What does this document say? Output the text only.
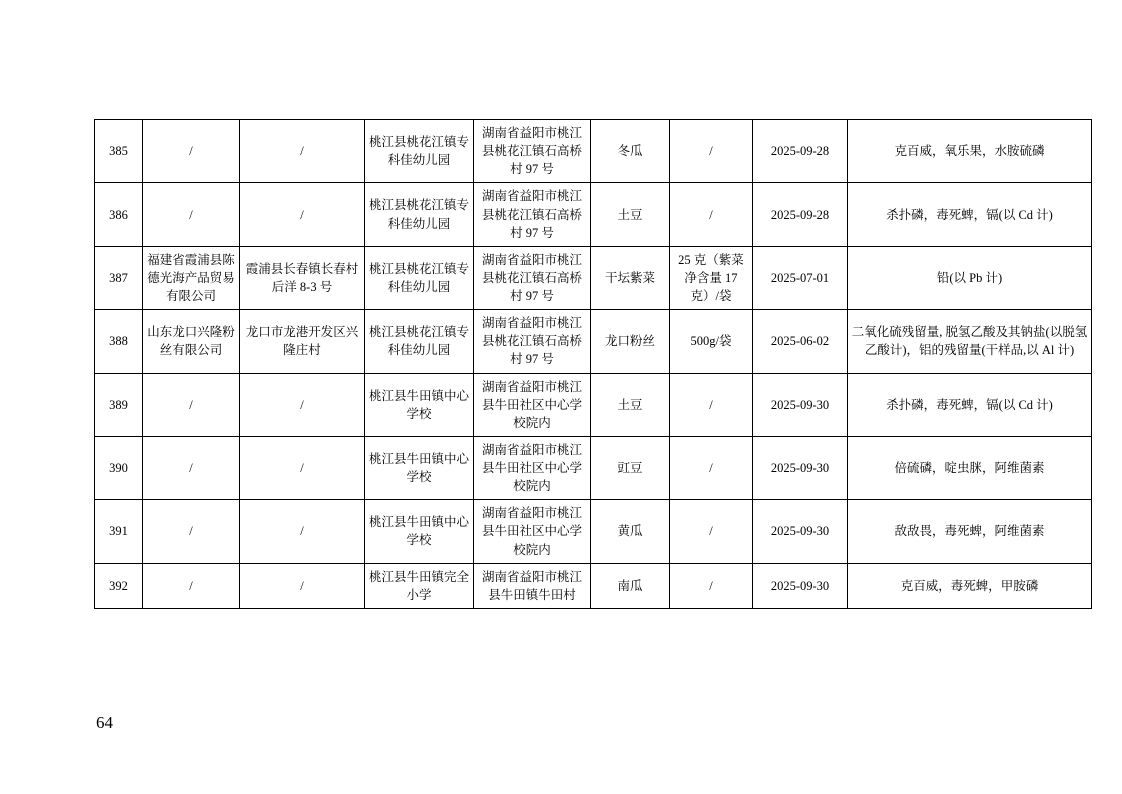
385	/	/	桃江县桃花江镇专科佳幼儿园	湖南省益阳市桃江县桃花江镇石高桥村 97 号	冬瓜	/	2025-09-28	克百威，氧乐果，水胺硫磷
386	/	/	桃江县桃花江镇专科佳幼儿园	湖南省益阳市桃江县桃花江镇石高桥村 97 号	土豆	/	2025-09-28	杀扑磷，毒死蜱，镉(以 Cd 计)
387	福建省霞浦县陈德光海产品贸易有限公司	霞浦县长春镇长春村后洋 8-3 号	桃江县桃花江镇专科佳幼儿园	湖南省益阳市桃江县桃花江镇石高桥村 97 号	干坛紫菜	25 克（紫菜净含量 17 克）/袋	2025-07-01	铅(以 Pb 计)
388	山东龙口兴隆粉丝有限公司	龙口市龙港开发区兴隆庄村	桃江县桃花江镇专科佳幼儿园	湖南省益阳市桃江县桃花江镇石高桥村 97 号	龙口粉丝	500g/袋	2025-06-02	二氧化硫残留量, 脱氢乙酸及其钠盐(以脱氢乙酸计)，铝的残留量(干样品,以 Al 计)
389	/	/	桃江县牛田镇中心学校	湖南省益阳市桃江县牛田社区中心学校院内	土豆	/	2025-09-30	杀扑磷，毒死蜱，镉(以 Cd 计)
390	/	/	桃江县牛田镇中心学校	湖南省益阳市桃江县牛田社区中心学校院内	豇豆	/	2025-09-30	倍硫磷，啶虫脒，阿维菌素
391	/	/	桃江县牛田镇中心学校	湖南省益阳市桃江县牛田社区中心学校院内	黄瓜	/	2025-09-30	敌敌畏，毒死蜱，阿维菌素
392	/	/	桃江县牛田镇完全小学	湖南省益阳市桃江县牛田镇牛田村	南瓜	/	2025-09-30	克百威，毒死蜱，甲胺磷
64
